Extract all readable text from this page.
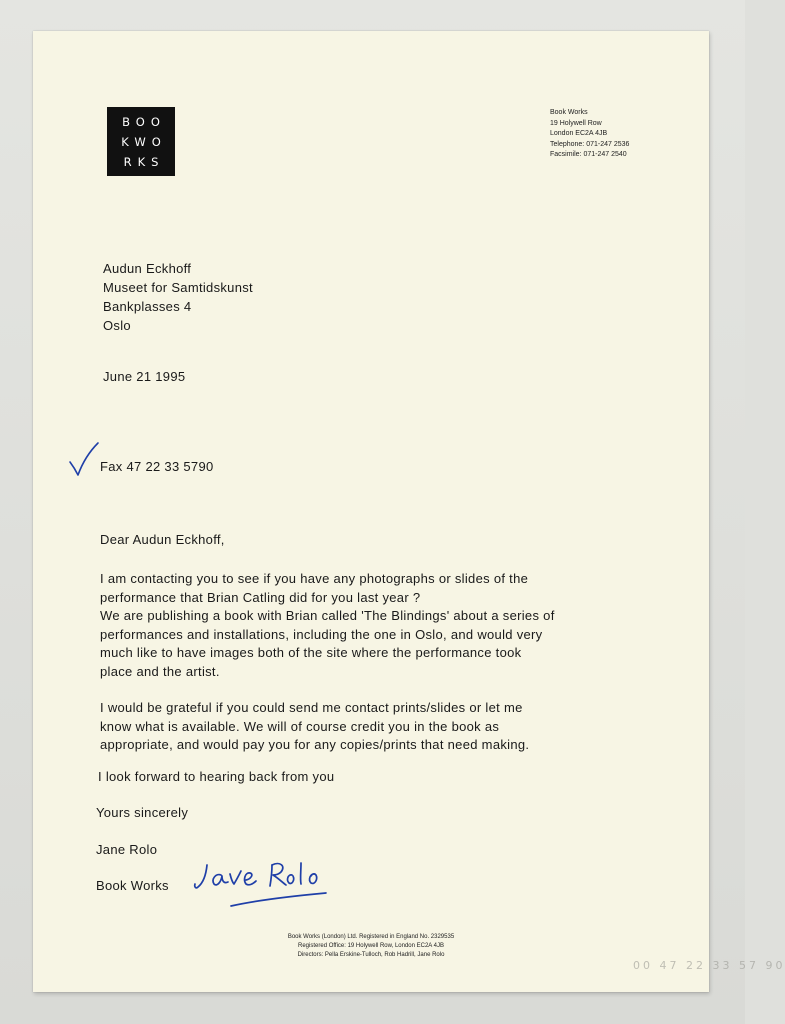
BOO
KWO
RKS
Book Works
19 Holywell Row
London EC2A 4JB
Telephone: 071-247 2536
Facsimile: 071-247 2540
Audun Eckhoff
Museet for Samtidskunst
Bankplasses 4
Oslo
June 21 1995
Fax 47 22 33 5790
Dear Audun Eckhoff,
I am contacting you to see if you have any photographs or slides of the
performance that Brian Catling did for you last year ?
We are publishing a book with Brian called 'The Blindings' about a series of
performances and installations, including the one in Oslo, and would very
much like to have images both of the site where the performance took
place and the artist.
I would be grateful if you could send me contact prints/slides or let me
know what is available. We will of course credit you in the book as
appropriate, and would pay you for any copies/prints that need making.
I look forward to hearing back from you
Yours sincerely
Jane Rolo
Book Works
Book Works (London) Ltd. Registered in England No. 2329535
Registered Office: 19 Holywell Row, London EC2A 4JB
Directors: Pella Erskine-Tulloch, Rob Hadrill, Jane Rolo
00 47 22 33 57 90
